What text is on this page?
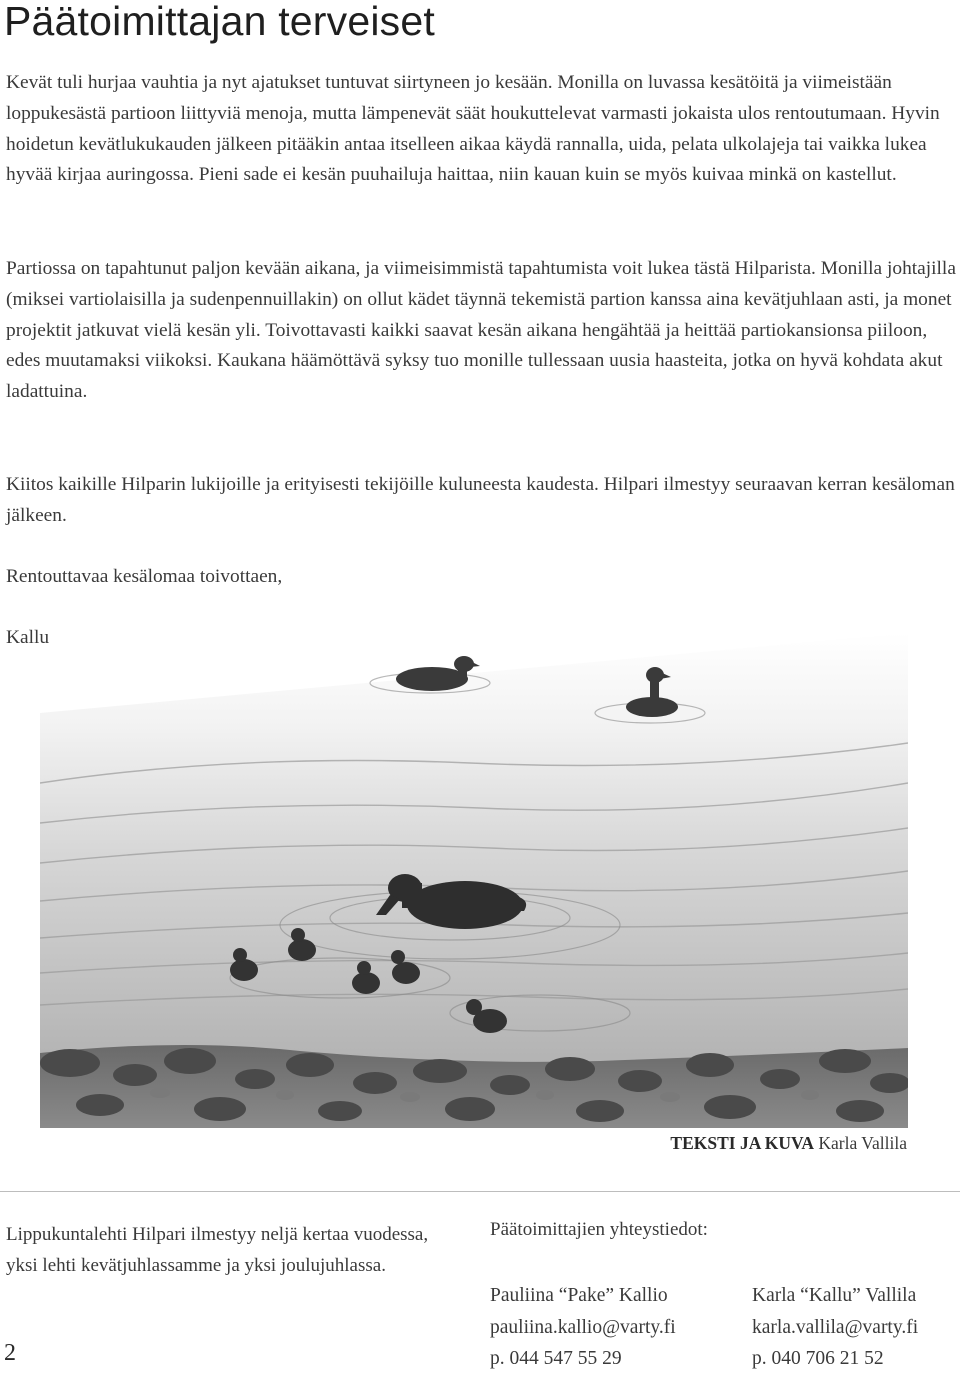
Päätoimittajan terveiset

Kevät tuli hurjaa vauhtia ja nyt ajatukset tuntuvat siirtyneen jo kesään. Monilla on luvassa kesätöitä ja viimeistään loppukesästä partioon liittyviä menoja, mutta lämpenevät säät houkuttelevat varmasti jokaista ulos rentoutumaan. Hyvin hoidetun kevätlukukauden jälkeen pitääkin antaa itselleen aikaa käydä rannalla, uida, pelata ulkolajeja tai vaikka lukea hyvää kirjaa auringossa. Pieni sade ei kesän puuhailuja haittaa, niin kauan kuin se myös kuivaa minkä on kastellut.

Partiossa on tapahtunut paljon kevään aikana, ja viimeisimmistä tapahtumista voit lukea tästä Hilparista. Monilla johtajilla (miksei vartiolaisilla ja sudenpennuillakin) on ollut kädet täynnä tekemistä partion kanssa aina kevätjuhlaan asti, ja monet projektit jatkuvat vielä kesän yli. Toivottavasti kaikki saavat kesän aikana hengähtää ja heittää partiokansionsa piiloon, edes muutamaksi viikoksi. Kaukana häämöttävä syksy tuo monille tullessaan uusia haasteita, jotka on hyvä kohdata akut ladattuina.

Kiitos kaikille Hilparin lukijoille ja erityisesti tekijöille kuluneesta kaudesta. Hilpari ilmestyy seuraavan kerran kesäloman jälkeen.

Rentouttavaa kesälomaa toivottaen,

Kallu

TEKSTI JA KUVA Karla Vallila

Lippukuntalehti Hilpari ilmestyy neljä kertaa vuodessa, yksi lehti kevätjuhlassamme ja yksi joulujuhlassa.

2
Päätoimittajien yhteystiedot:
Pauliina “Pake” Kallio
pauliina.kallio@varty.fi
p. 044 547 55 29
Karla “Kallu” Vallila
karla.vallila@varty.fi
p. 040 706 21 52
